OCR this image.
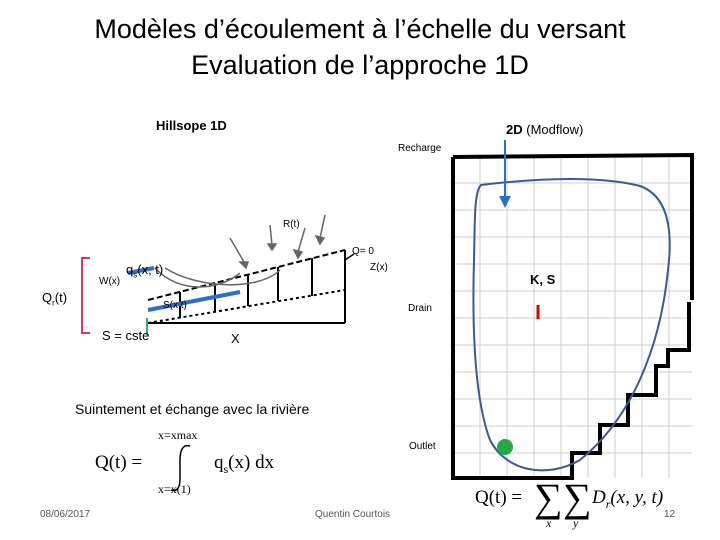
Modèles d’écoulement à l’échelle du versant
Evaluation de l’approche 1D
Hillsope 1D
R(t)
Q= 0
Z(x)
W(x)
$q_s(x$, t)
S(x,t)
$Q_r(t)$
S = cste	X
2D (Modflow)
Recharge
K, S
Drain
Outlet
Suintement et échange avec la rivière
Q(t) =
x=xmax
x=x(1)
$q_s(x)$ dx
Q(t) = ∑ ∑
x y
$D_r(x$, y, t)
08/06/2017	Quentin Courtois	12
